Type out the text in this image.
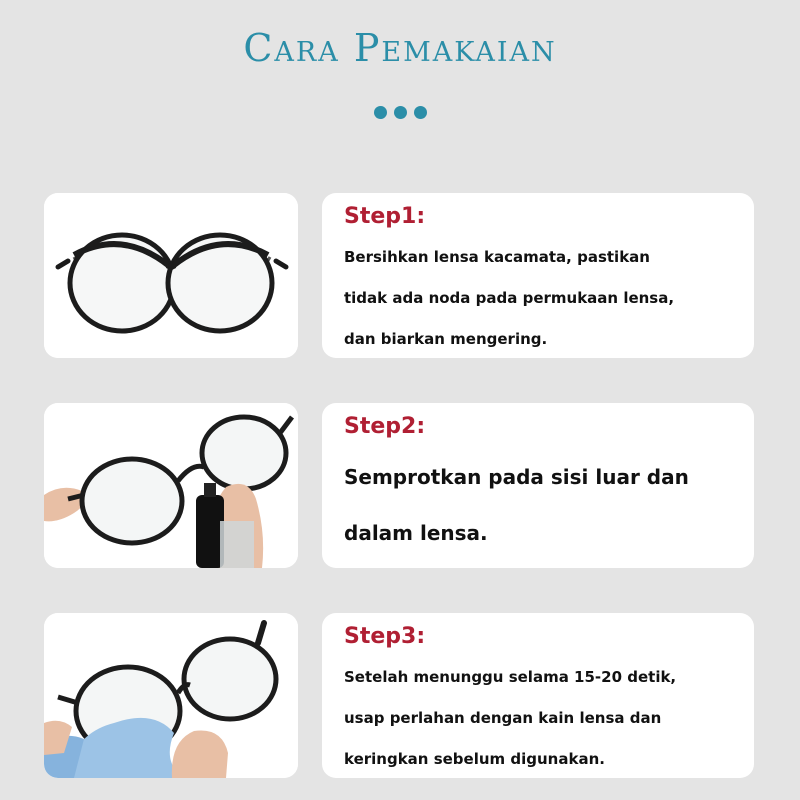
Cara Pemakaian
Step1:
Bersihkan lensa kacamata, pastikan
tidak ada noda pada permukaan lensa,
dan biarkan mengering.
Step2:
Semprotkan pada sisi luar dan
dalam lensa.
Step3:
Setelah menunggu selama 15-20 detik,
usap perlahan dengan kain lensa dan
keringkan sebelum digunakan.
